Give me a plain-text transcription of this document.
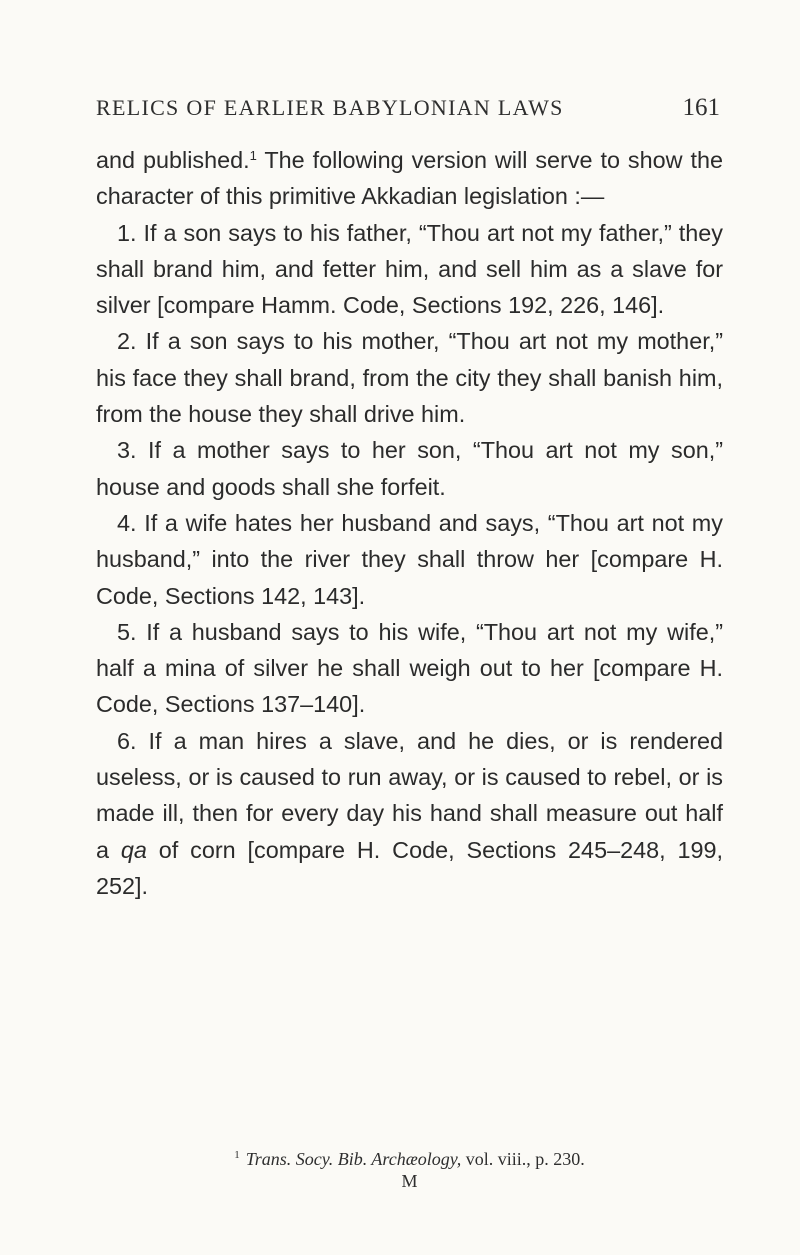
RELICS OF EARLIER BABYLONIAN LAWS	161

and published.$^1$ The following version will serve to show the character of this primitive Akkadian legislation :—

1. If a son says to his father, “Thou art not my father,” they shall brand him, and fetter him, and sell him as a slave for silver [compare Hamm. Code, Sections 192, 226, 146].

2. If a son says to his mother, “Thou art not my mother,” his face they shall brand, from the city they shall banish him, from the house they shall drive him.

3. If a mother says to her son, “Thou art not my son,” house and goods shall she forfeit.

4. If a wife hates her husband and says, “Thou art not my husband,” into the river they shall throw her [compare H. Code, Sections 142, 143].

5. If a husband says to his wife, “Thou art not my wife,” half a mina of silver he shall weigh out to her [compare H. Code, Sections 137–140].

6. If a man hires a slave, and he dies, or is rendered useless, or is caused to run away, or is caused to rebel, or is made ill, then for every day his hand shall measure out half a qa of corn [compare H. Code, Sections 245–248, 199, 252].

$^1$ Trans. Socy. Bib. Archæology, vol. viii., p. 230.
M
